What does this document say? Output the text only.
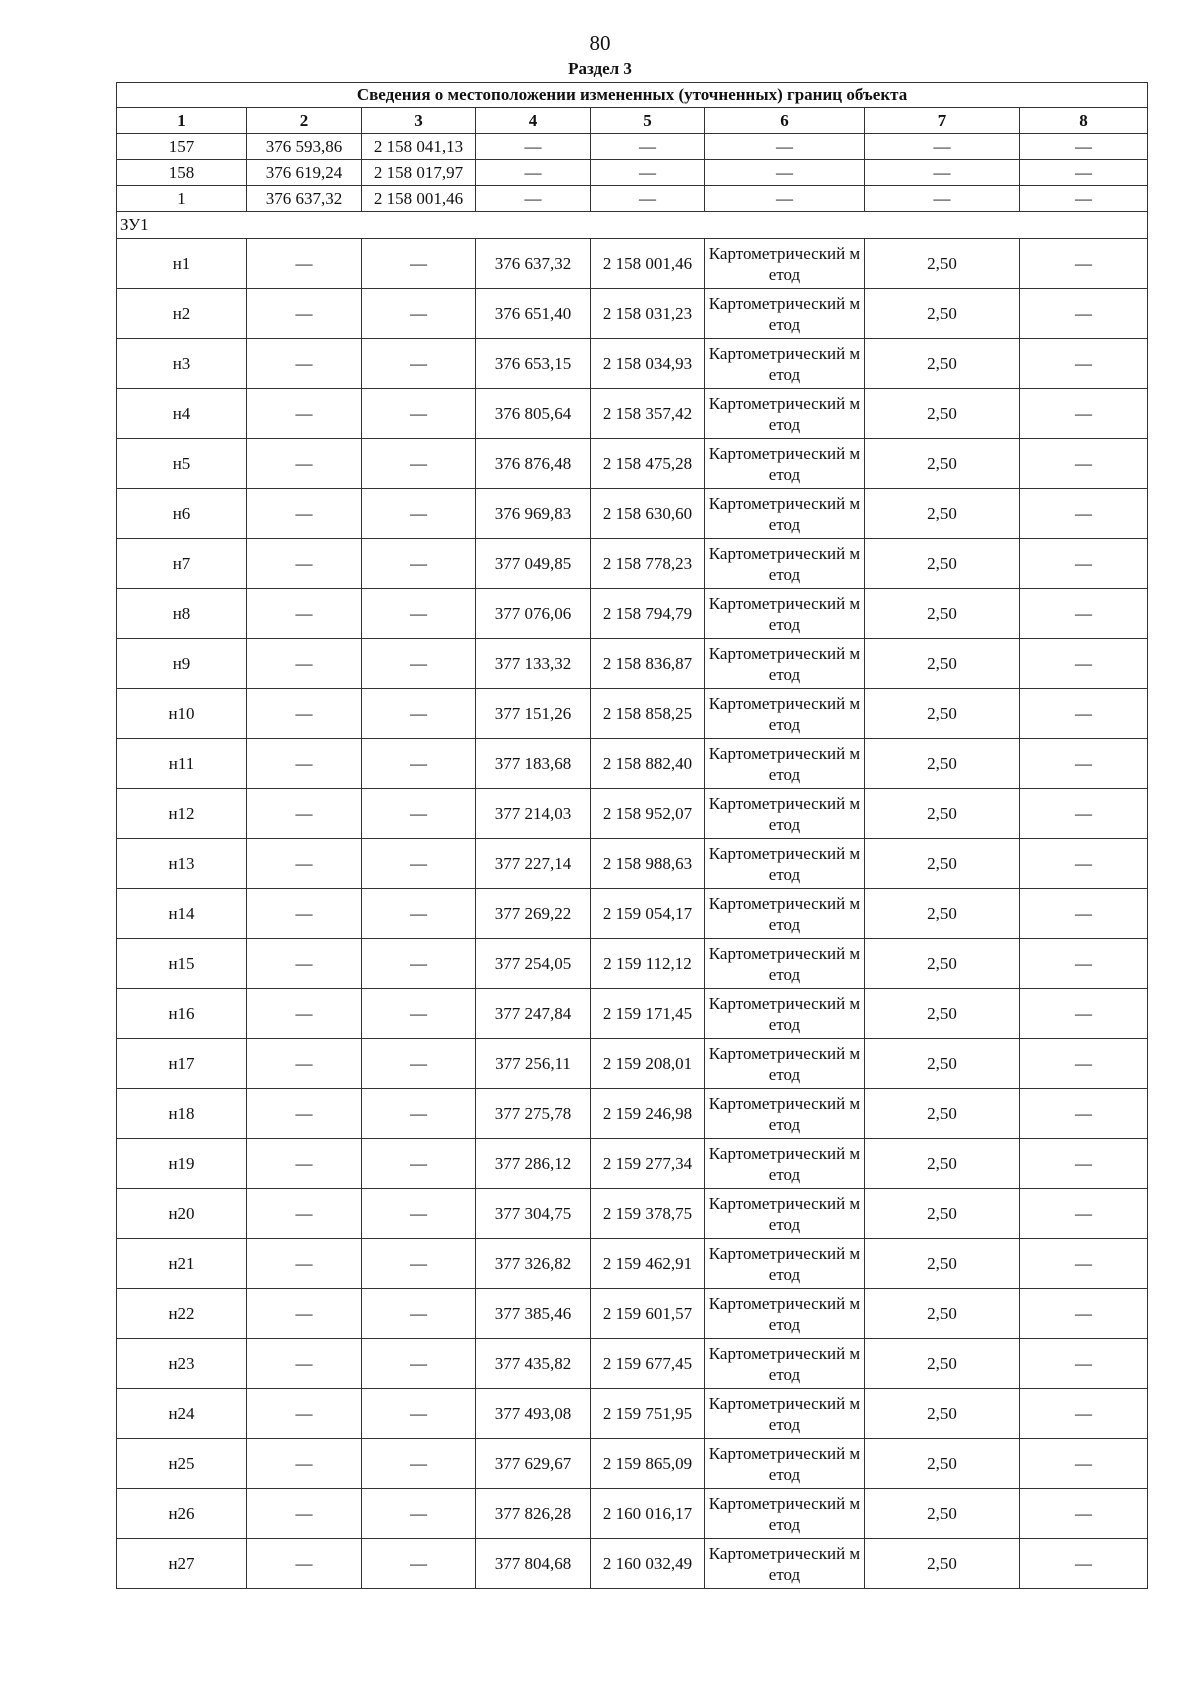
80
Раздел 3
Сведения о местоположении измененных (уточненных) границ объекта							
1	2	3	4	5	6	7	8
157	376 593,86	2 158 041,13	—	—	—	—	—
158	376 619,24	2 158 017,97	—	—	—	—	—
1	376 637,32	2 158 001,46	—	—	—	—	—
ЗУ1							
н1	—	—	376 637,32	2 158 001,46	Картометрический метод	2,50	—
н2	—	—	376 651,40	2 158 031,23	Картометрический метод	2,50	—
н3	—	—	376 653,15	2 158 034,93	Картометрический метод	2,50	—
н4	—	—	376 805,64	2 158 357,42	Картометрический метод	2,50	—
н5	—	—	376 876,48	2 158 475,28	Картометрический метод	2,50	—
н6	—	—	376 969,83	2 158 630,60	Картометрический метод	2,50	—
н7	—	—	377 049,85	2 158 778,23	Картометрический метод	2,50	—
н8	—	—	377 076,06	2 158 794,79	Картометрический метод	2,50	—
н9	—	—	377 133,32	2 158 836,87	Картометрический метод	2,50	—
н10	—	—	377 151,26	2 158 858,25	Картометрический метод	2,50	—
н11	—	—	377 183,68	2 158 882,40	Картометрический метод	2,50	—
н12	—	—	377 214,03	2 158 952,07	Картометрический метод	2,50	—
н13	—	—	377 227,14	2 158 988,63	Картометрический метод	2,50	—
н14	—	—	377 269,22	2 159 054,17	Картометрический метод	2,50	—
н15	—	—	377 254,05	2 159 112,12	Картометрический метод	2,50	—
н16	—	—	377 247,84	2 159 171,45	Картометрический метод	2,50	—
н17	—	—	377 256,11	2 159 208,01	Картометрический метод	2,50	—
н18	—	—	377 275,78	2 159 246,98	Картометрический метод	2,50	—
н19	—	—	377 286,12	2 159 277,34	Картометрический метод	2,50	—
н20	—	—	377 304,75	2 159 378,75	Картометрический метод	2,50	—
н21	—	—	377 326,82	2 159 462,91	Картометрический метод	2,50	—
н22	—	—	377 385,46	2 159 601,57	Картометрический метод	2,50	—
н23	—	—	377 435,82	2 159 677,45	Картометрический метод	2,50	—
н24	—	—	377 493,08	2 159 751,95	Картометрический метод	2,50	—
н25	—	—	377 629,67	2 159 865,09	Картометрический метод	2,50	—
н26	—	—	377 826,28	2 160 016,17	Картометрический метод	2,50	—
н27	—	—	377 804,68	2 160 032,49	Картометрический метод	2,50	—
